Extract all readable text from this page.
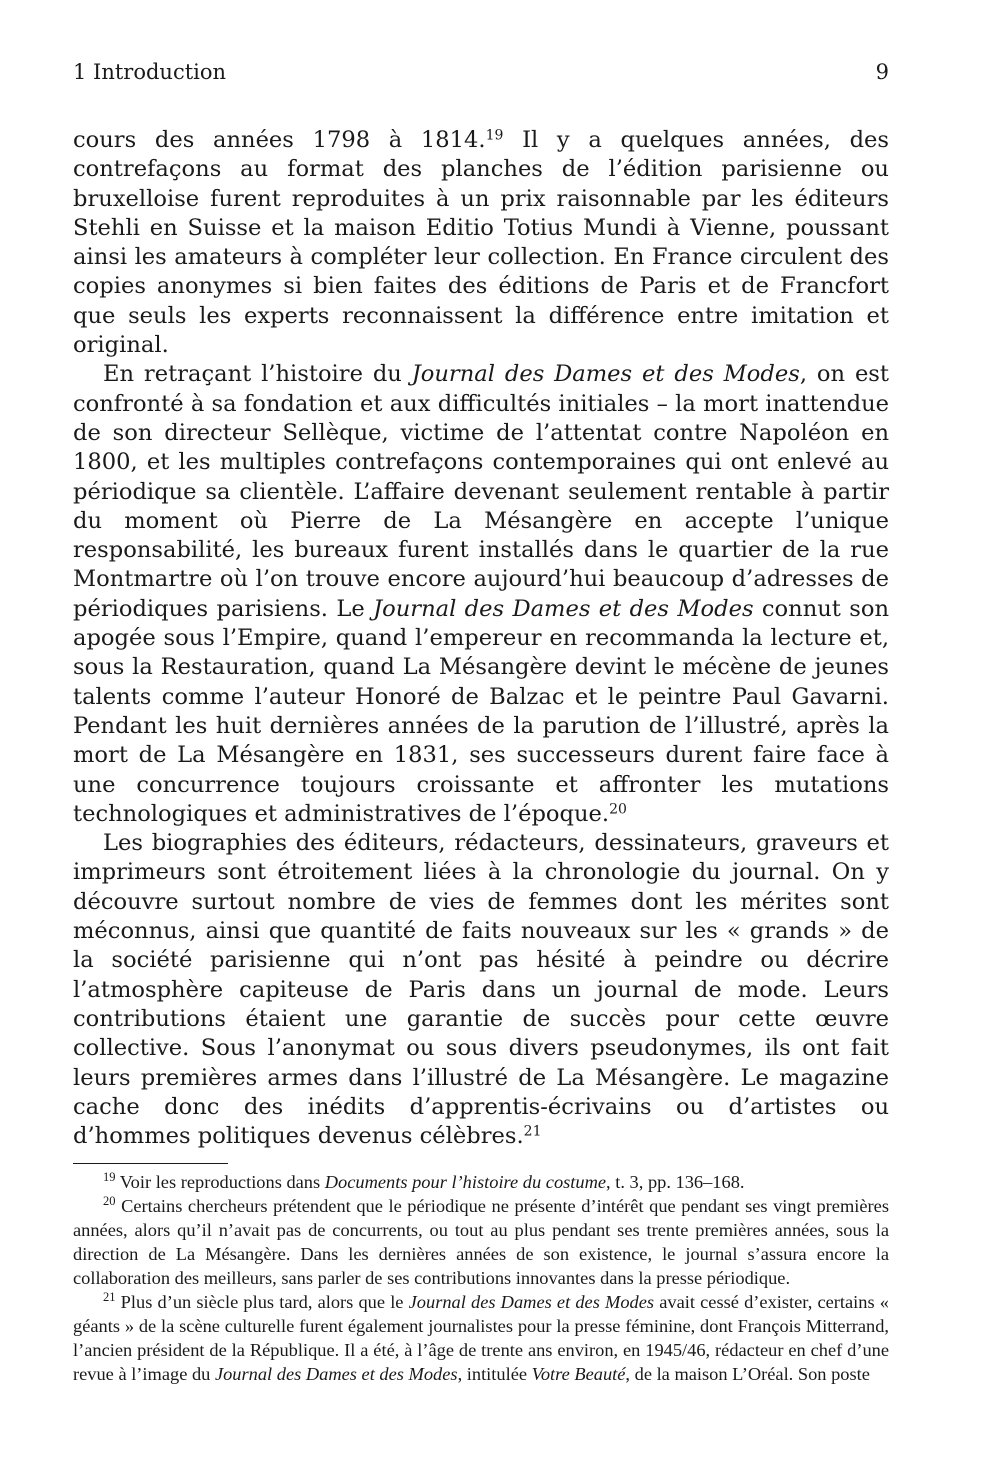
1 Introduction	9

cours des années 1798 à 1814.19 Il y a quelques années, des contrefaçons au format des planches de l’édition parisienne ou bruxelloise furent reproduites à un prix raisonnable par les éditeurs Stehli en Suisse et la maison Editio Totius Mundi à Vienne, poussant ainsi les amateurs à compléter leur collection. En France circulent des copies anonymes si bien faites des éditions de Paris et de Francfort que seuls les experts reconnaissent la différence entre imitation et original.

En retraçant l’histoire du Journal des Dames et des Modes, on est confronté à sa fondation et aux difficultés initiales – la mort inattendue de son directeur Sellèque, victime de l’attentat contre Napoléon en 1800, et les multiples contrefaçons contemporaines qui ont enlevé au périodique sa clientèle. L’affaire devenant seulement rentable à partir du moment où Pierre de La Mésangère en accepte l’unique responsabilité, les bureaux furent installés dans le quartier de la rue Montmartre où l’on trouve encore aujourd’hui beaucoup d’adresses de périodiques parisiens. Le Journal des Dames et des Modes connut son apogée sous l’Empire, quand l’empereur en recommanda la lecture et, sous la Restauration, quand La Mésangère devint le mécène de jeunes talents comme l’auteur Honoré de Balzac et le peintre Paul Gavarni. Pendant les huit dernières années de la parution de l’illustré, après la mort de La Mésangère en 1831, ses successeurs durent faire face à une concurrence toujours croissante et affronter les mutations technologiques et administratives de l’époque.$^{20}$

Les biographies des éditeurs, rédacteurs, dessinateurs, graveurs et imprimeurs sont étroitement liées à la chronologie du journal. On y découvre surtout nombre de vies de femmes dont les mérites sont méconnus, ainsi que quantité de faits nouveaux sur les « grands » de la société parisienne qui n’ont pas hésité à peindre ou décrire l’atmosphère capiteuse de Paris dans un journal de mode. Leurs contributions étaient une garantie de succès pour cette œuvre collective. Sous l’anonymat ou sous divers pseudonymes, ils ont fait leurs premières armes dans l’illustré de La Mésangère. Le magazine cache donc des inédits d’apprentis-écrivains ou d’artistes ou d’hommes politiques devenus célèbres.$^{21}$

$^{19}$ Voir les reproductions dans Documents pour l’histoire du costume, t. 3, pp. 136–168.

$^{20}$ Certains chercheurs prétendent que le périodique ne présente d’intérêt que pendant ses vingt premières années, alors qu’il n’avait pas de concurrents, ou tout au plus pendant ses trente premières années, sous la direction de La Mésangère. Dans les dernières années de son existence, le journal s’assura encore la collaboration des meilleurs, sans parler de ses contributions innovantes dans la presse périodique.

$^{21}$ Plus d’un siècle plus tard, alors que le Journal des Dames et des Modes avait cessé d’exister, certains « géants » de la scène culturelle furent également journalistes pour la presse féminine, dont François Mitterrand, l’ancien président de la République. Il a été, à l’âge de trente ans environ, en 1945/46, rédacteur en chef d’une revue à l’image du Journal des Dames et des Modes, intitulée Votre Beauté, de la maison L’Oréal. Son poste
